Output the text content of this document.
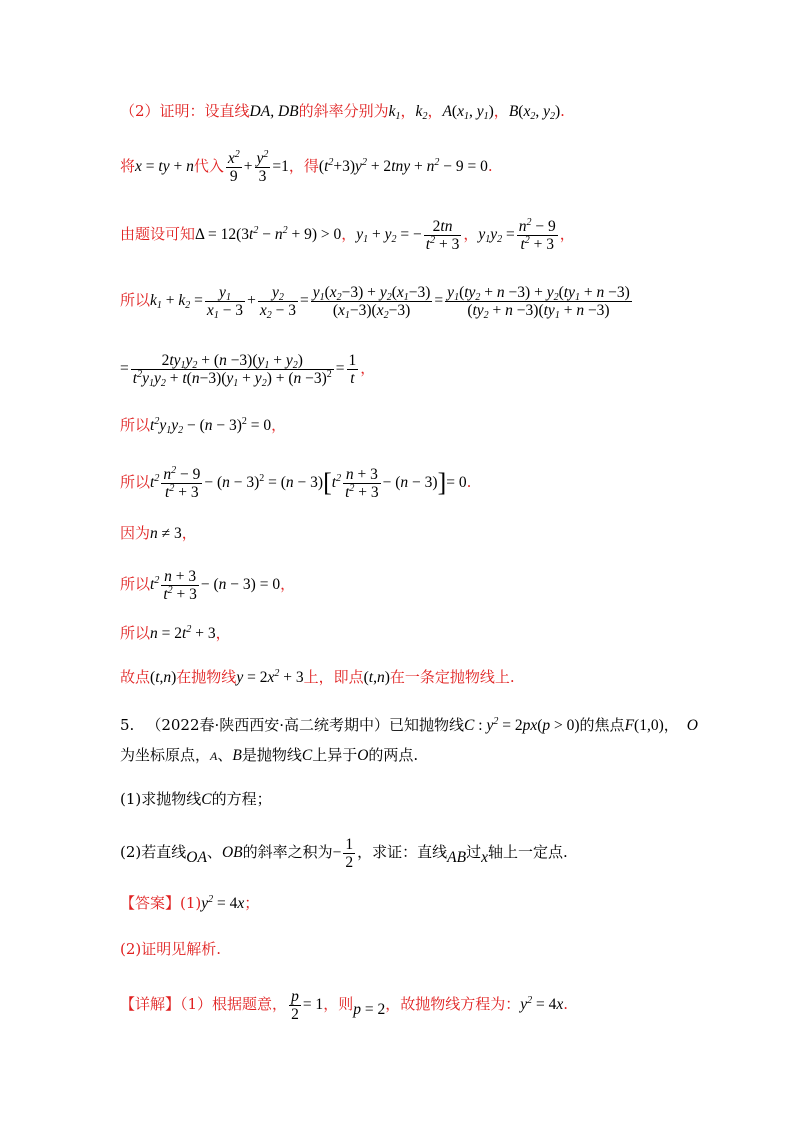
（2）证明：设直线DA, DB的斜率分别为$k_1$，$k_2$，$A(x_1$, $y_1$)，$B(x_2$, $y_2$).
将x = ty + n代入 $\frac{x^2}{9} + \frac{y^2}{3} =1$，得$(t^2+3)y^2 + 2tny + n^2 - 9 = 0$.
由题设可知$\Delta = 12(3t^2 - n^2 + 9) > 0$，$y_1 + y_2$ = − $\frac{2tn}{t^2 + 3}$ ，$y_1y_2 = \frac{n^2 - 9}{t^2 + 3}$ ，
所以$k_1 + k_2 = \frac{y_1}{x_1 - 3} + \frac{y_2}{x_2 - 3} = \frac{y_1(x_2-3) + y_2(x_1-3)}{(x_1-3)(x_2-3)} = \frac{y_1(ty_2 + n -3) + y_2(ty_1 + n -3)}{(ty_2 + n -3)(ty_1 + n -3)}$
= $\frac{2ty_1y_2 + (n -3)(y_1 + y_2)}{t^2y_1y_2 + t(n-3)(y_1 + y_2) + (n -3)^2} = \frac{1}{t}$ ，
所以$t^2y_1y_2 - (n - 3)^2 = 0$，
所以$t^2 \frac{n^2 - 9}{t^2 + 3} - (n - 3)^2 = (n - 3)[t^2 \frac{n + 3}{t^2 + 3} - (n - 3)]= 0$.
因为n ≠ 3，
所以$t^2 \frac{n + 3}{t^2 + 3} - (n - 3) = 0$，
所以$n = 2t^2 + 3$，
故点(t,n)在抛物线$y = 2x^2 + 3$上，即点(t,n)在一条定抛物线上.
5. （2022春·陕西西安·高二统考期中）已知抛物线C : $y^2 = 2px(p > 0)$的焦点F(1,0)， O
为坐标原点，A、B是抛物线C上异于O的两点.
(1)求抛物线C的方程；
(2)若直线OA、OB的斜率之积为− $\frac{1}{2}$ ，求证：直线AB过x轴上一定点.
【答案】$(1)y^2 = 4x$；
(2)证明见解析.
【详解】（1）根据题意， $\frac{p}{2} = 1$，则p = 2，故抛物线方程为：$y^2 = 4x$.
